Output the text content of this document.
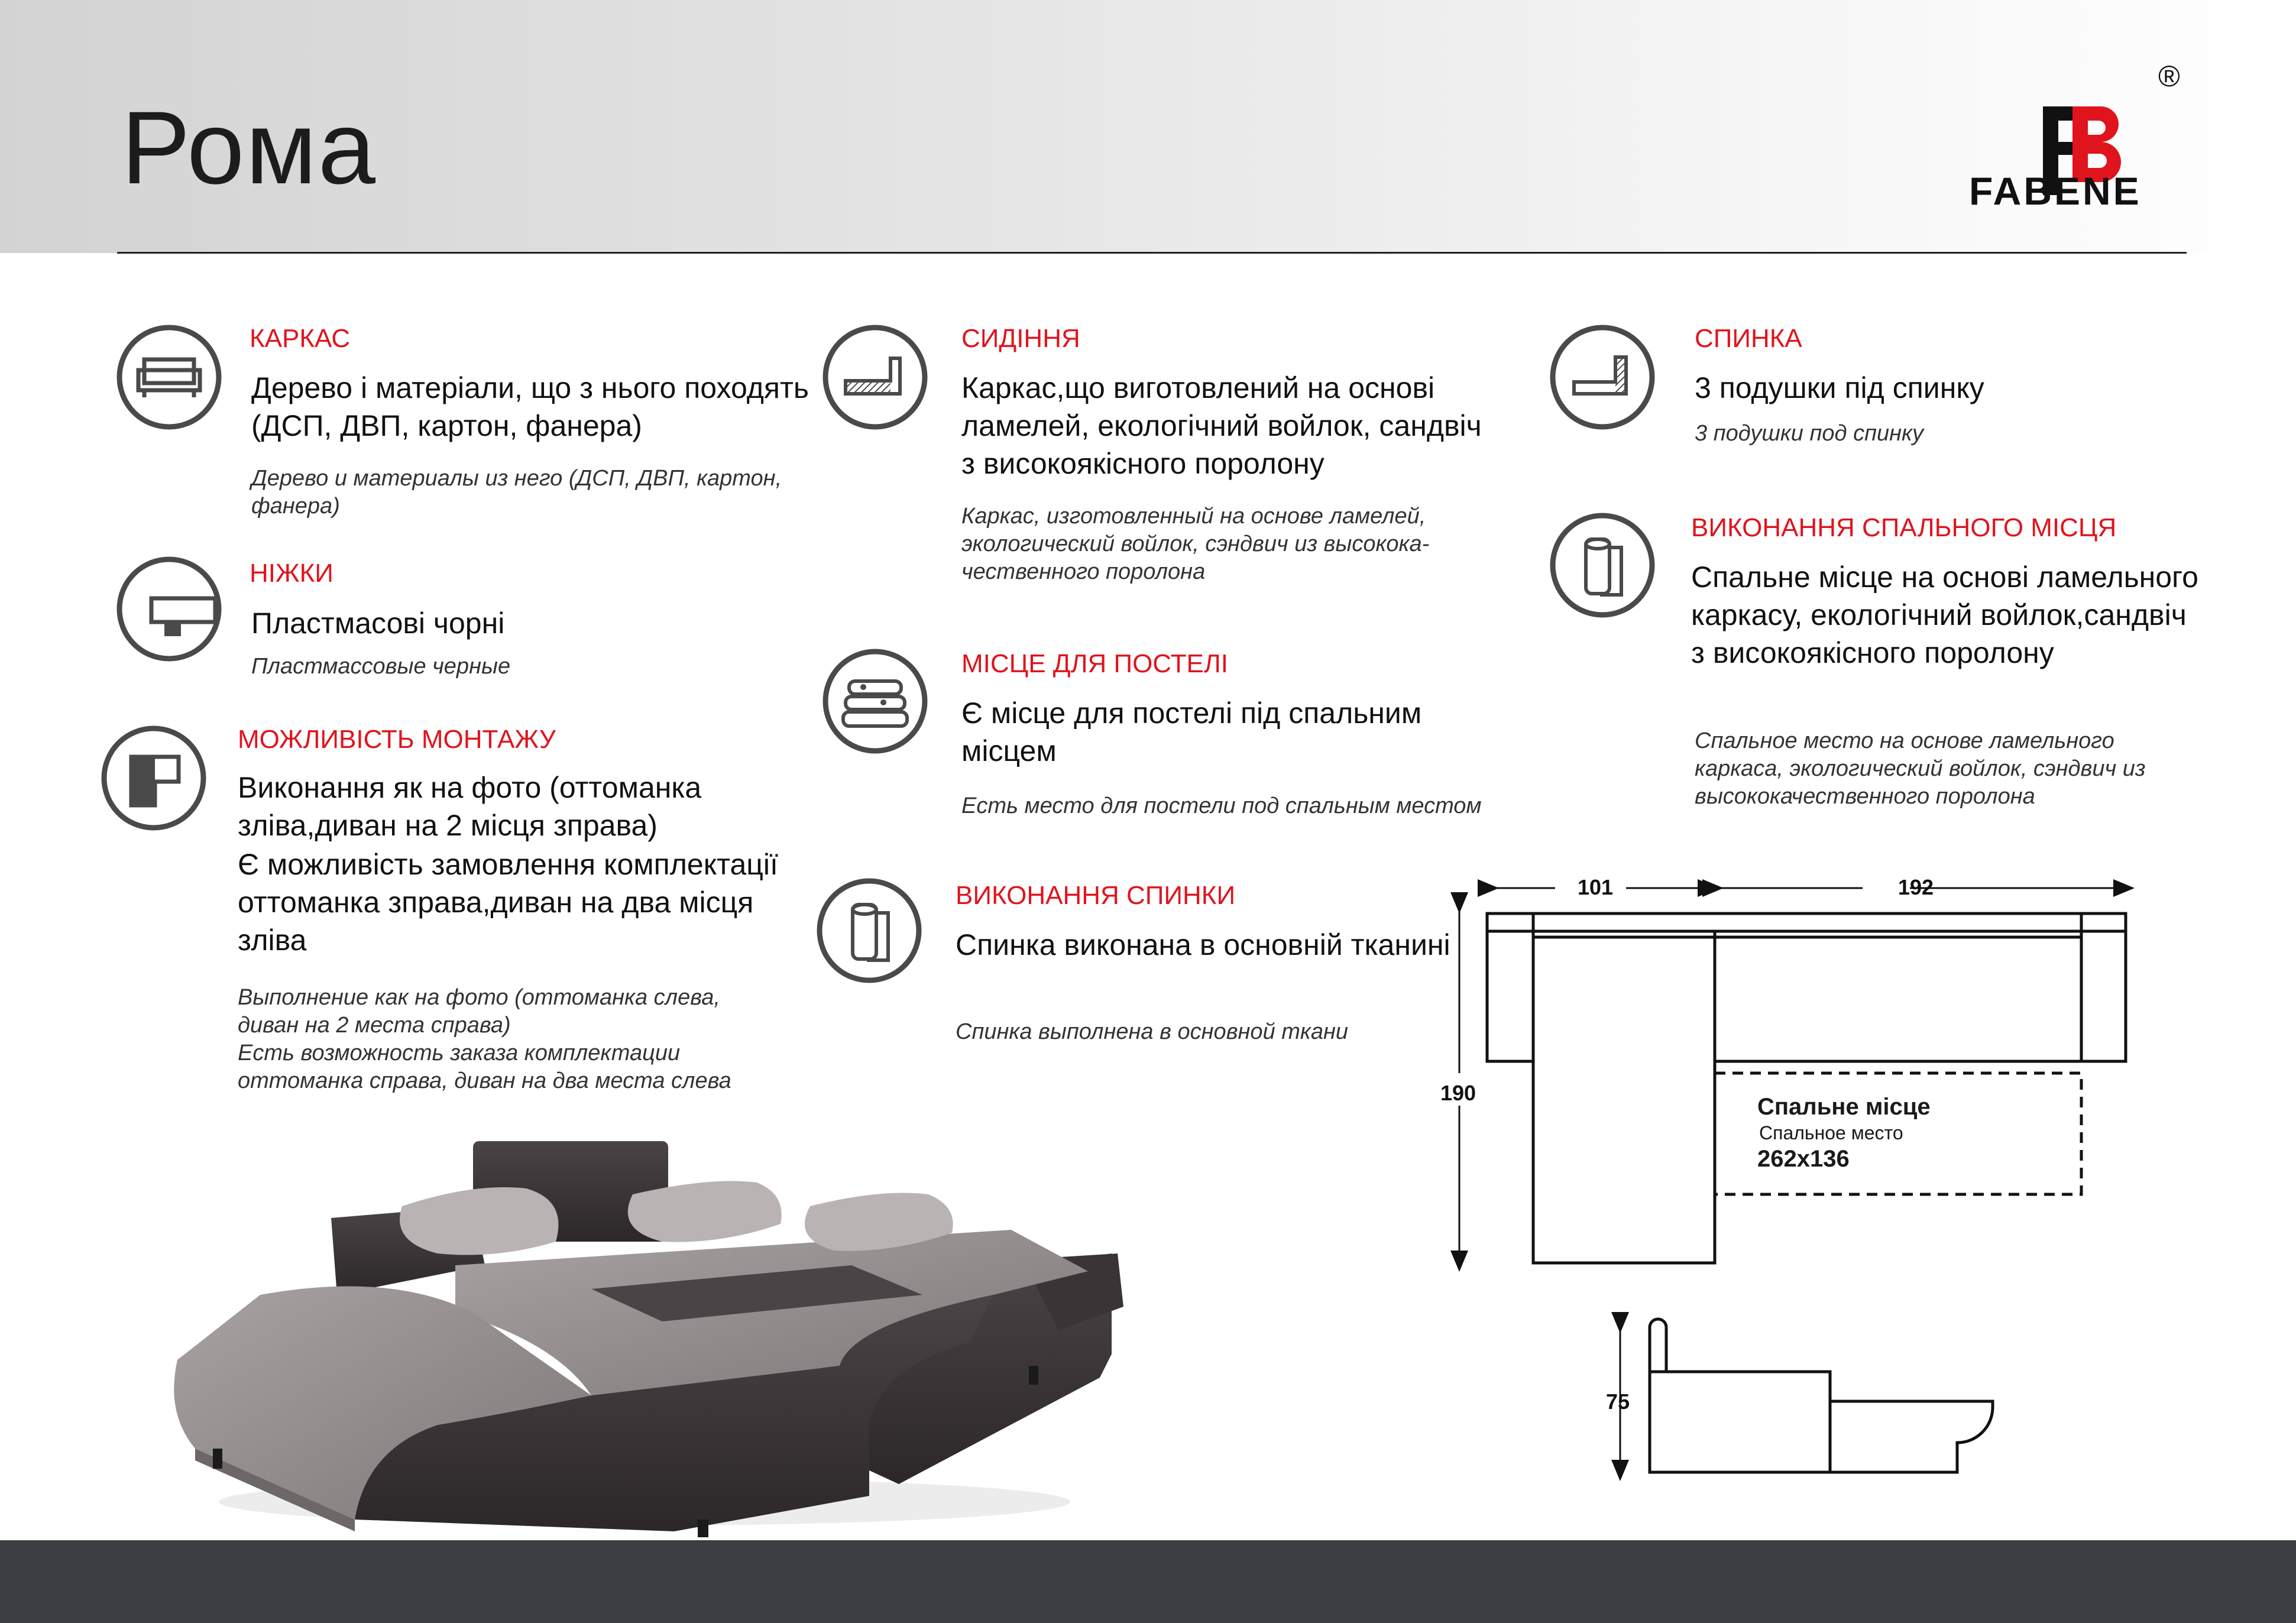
Рома
®
FABENE
КАРКАС
Дерево і матеріали, що з нього походять (ДСП, ДВП, картон, фанера)
Дерево и материалы из него (ДСП, ДВП, картон, фанера)
НІЖКИ
Пластмасові чорні
Пластмассовые черные
МОЖЛИВІСТЬ МОНТАЖУ
Виконання як на фото (оттоманка зліва,диван на 2 місця зправа)
Є можливість замовлення комплектації оттоманка зправа,диван на два місця зліва
Выполнение как на фото (оттоманка слева, диван на 2 места справа)
Есть возможность заказа комплектации оттоманка справа, диван на два места слева
СИДІННЯ
Каркас,що виготовлений на основі ламелей, екологічний войлок, сандвіч з високоякісного поролону
Каркас, изготовленный на основе ламелей, экологический войлок, сэндвич из высокока-чественного поролона
МІСЦЕ ДЛЯ ПОСТЕЛІ
Є місце для постелі під спальним місцем
Есть место для постели под спальным местом
ВИКОНАННЯ СПИНКИ
Спинка виконана в основній тканині
Спинка выполнена в основной ткани
СПИНКА
3 подушки під спинку
3 подушки под спинку
ВИКОНАННЯ СПАЛЬНОГО МІСЦЯ
Спальне місце на основі ламельного каркасу, екологічний войлок,сандвіч з високоякісного поролону
Спальное место на основе ламельного каркаса, экологический войлок, сэндвич из высококачественного поролона
101	192
190
75
Спальне місце
Спальное место
262x136
